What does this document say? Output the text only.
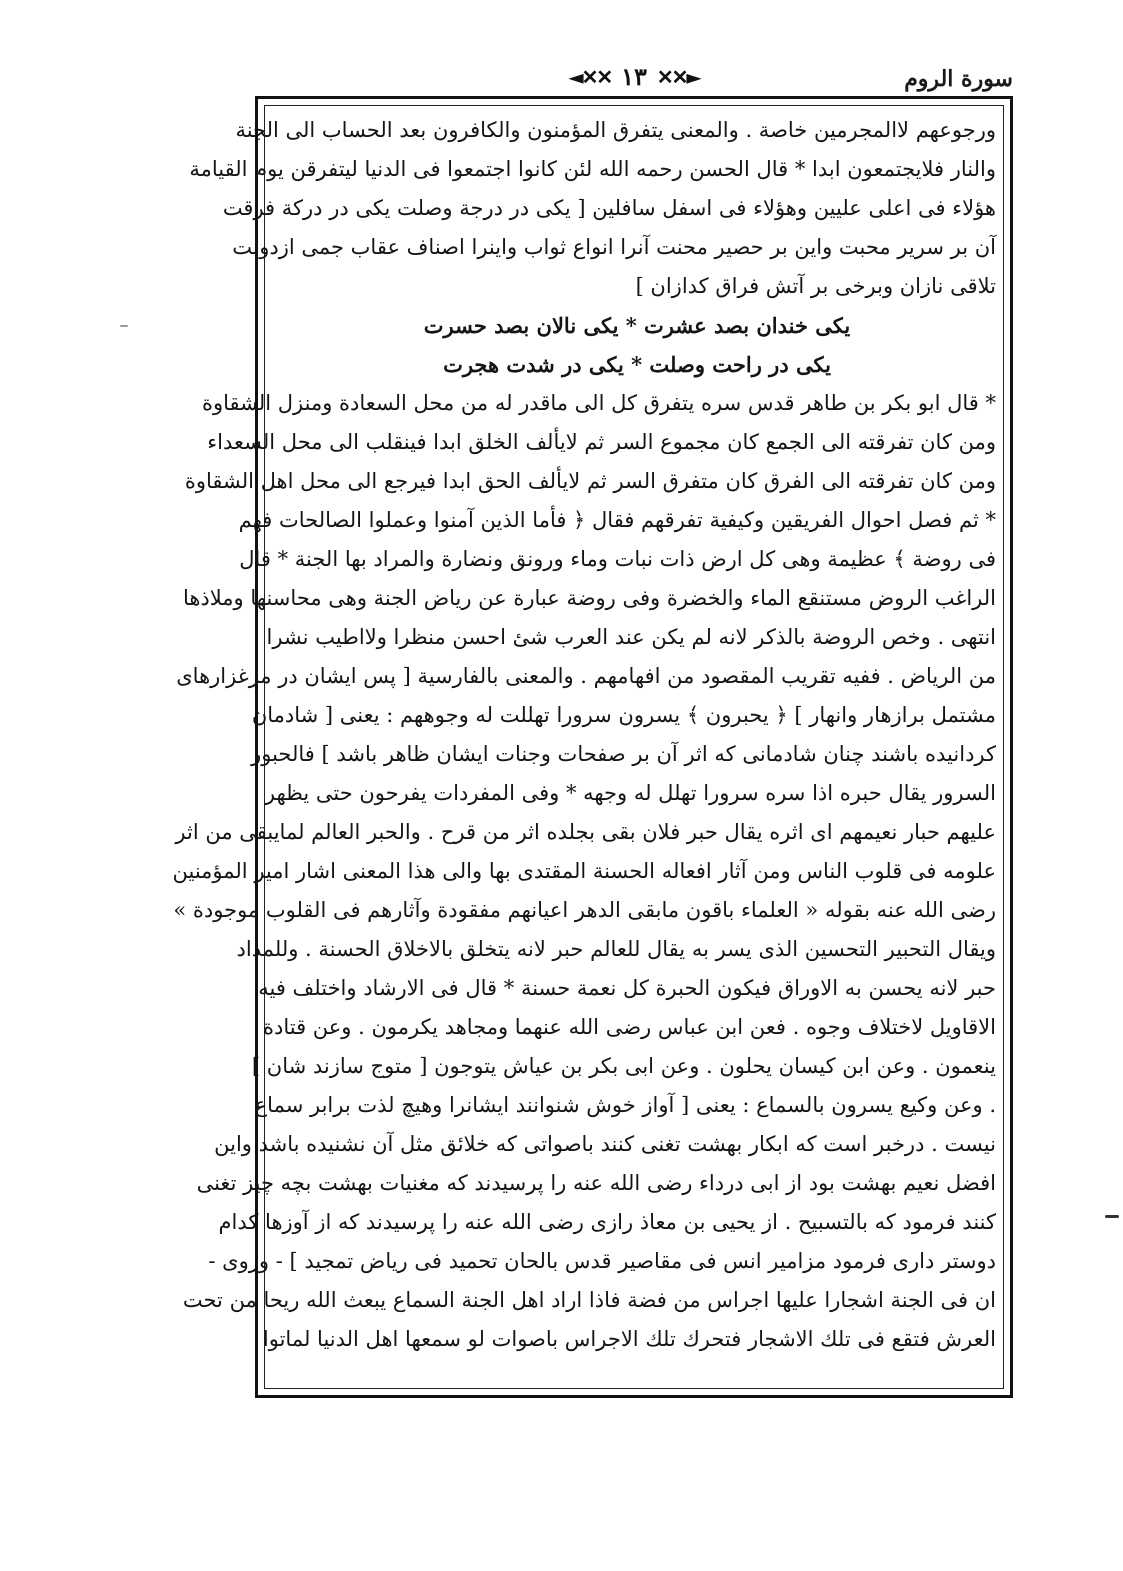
سورة الروم
◄✕✕ ١٣ ✕✕►
ورجوعهم لاالمجرمين خاصة . والمعنى يتفرق المؤمنون والكافرون بعد الحساب الى الجنة
والنار فلايجتمعون ابدا * قال الحسن رحمه الله لئن كانوا اجتمعوا فى الدنيا ليتفرقن يوم القيامة
هؤلاء فى اعلى عليين وهؤلاء فى اسفل سافلين [ يكى در درجة وصلت يكى در دركة فرقت
آن بر سرير محبت واين بر حصير محنت آنرا انواع ثواب واينرا اصناف عقاب جمى ازدولت
تلاقى نازان وبرخى بر آتش فراق كدازان ]
يكى خندان بصد عشرت * يكى نالان بصد حسرت
يكى در راحت وصلت * يكى در شدت هجرت
* قال ابو بكر بن طاهر قدس سره يتفرق كل الى ماقدر له من محل السعادة ومنزل الشقاوة
ومن كان تفرقته الى الجمع كان مجموع السر ثم لايألف الخلق ابدا فينقلب الى محل السعداء
ومن كان تفرقته الى الفرق كان متفرق السر ثم لايألف الحق ابدا فيرجع الى محل اهل الشقاوة
* ثم فصل احوال الفريقين وكيفية تفرقهم فقال ﴿ فأما الذين آمنوا وعملوا الصالحات فهم
فى روضة ﴾ عظيمة وهى كل ارض ذات نبات وماء ورونق ونضارة والمراد بها الجنة * قال
الراغب الروض مستنقع الماء والخضرة وفى روضة عبارة عن رياض الجنة وهى محاسنها وملاذها
انتهى . وخص الروضة بالذكر لانه لم يكن عند العرب شئ احسن منظرا ولااطيب نشرا
من الرياض . ففيه تقريب المقصود من افهامهم . والمعنى بالفارسية [ پس ايشان در مرغزارهاى
مشتمل برازهار وانهار ] ﴿ يحبرون ﴾ يسرون سرورا تهللت له وجوههم : يعنى [ شادمان
كردانيده باشند چنان شادمانى كه اثر آن بر صفحات وجنات ايشان ظاهر باشد ] فالحبور
السرور يقال حبره اذا سره سرورا تهلل له وجهه * وفى المفردات يفرحون حتى يظهر
عليهم حبار نعيمهم اى اثره يقال حبر فلان بقى بجلده اثر من قرح . والحبر العالم لمايبقى من اثر
علومه فى قلوب الناس ومن آثار افعاله الحسنة المقتدى بها والى هذا المعنى اشار امير المؤمنين
رضى الله عنه بقوله « العلماء باقون مابقى الدهر اعيانهم مفقودة وآثارهم فى القلوب موجودة »
ويقال التحبير التحسين الذى يسر به يقال للعالم حبر لانه يتخلق بالاخلاق الحسنة . وللمداد
حبر لانه يحسن به الاوراق فيكون الحبرة كل نعمة حسنة * قال فى الارشاد واختلف فيه
الاقاويل لاختلاف وجوه . فعن ابن عباس رضى الله عنهما ومجاهد يكرمون . وعن قتادة
ينعمون . وعن ابن كيسان يحلون . وعن ابى بكر بن عياش يتوجون [ متوج سازند شان ]
. وعن وكيع يسرون بالسماع : يعنى [ آواز خوش شنوانند ايشانرا وهيچ لذت برابر سماع
نيست . درخبر است كه ابكار بهشت تغنى كنند باصواتى كه خلائق مثل آن نشنيده باشد واين
افضل نعيم بهشت بود از ابى درداء رضى الله عنه را پرسيدند كه مغنيات بهشت بچه چيز تغنى
كنند فرمود كه بالتسبيح . از يحيى بن معاذ رازى رضى الله عنه را پرسيدند كه از آوزها كدام
دوستر دارى فرمود مزامير انس فى مقاصير قدس بالحان تحميد فى رياض تمجيد ] - وروى -
ان فى الجنة اشجارا عليها اجراس من فضة فاذا اراد اهل الجنة السماع يبعث الله ريحا من تحت
العرش فتقع فى تلك الاشجار فتحرك تلك الاجراس باصوات لو سمعها اهل الدنيا لماتوا
